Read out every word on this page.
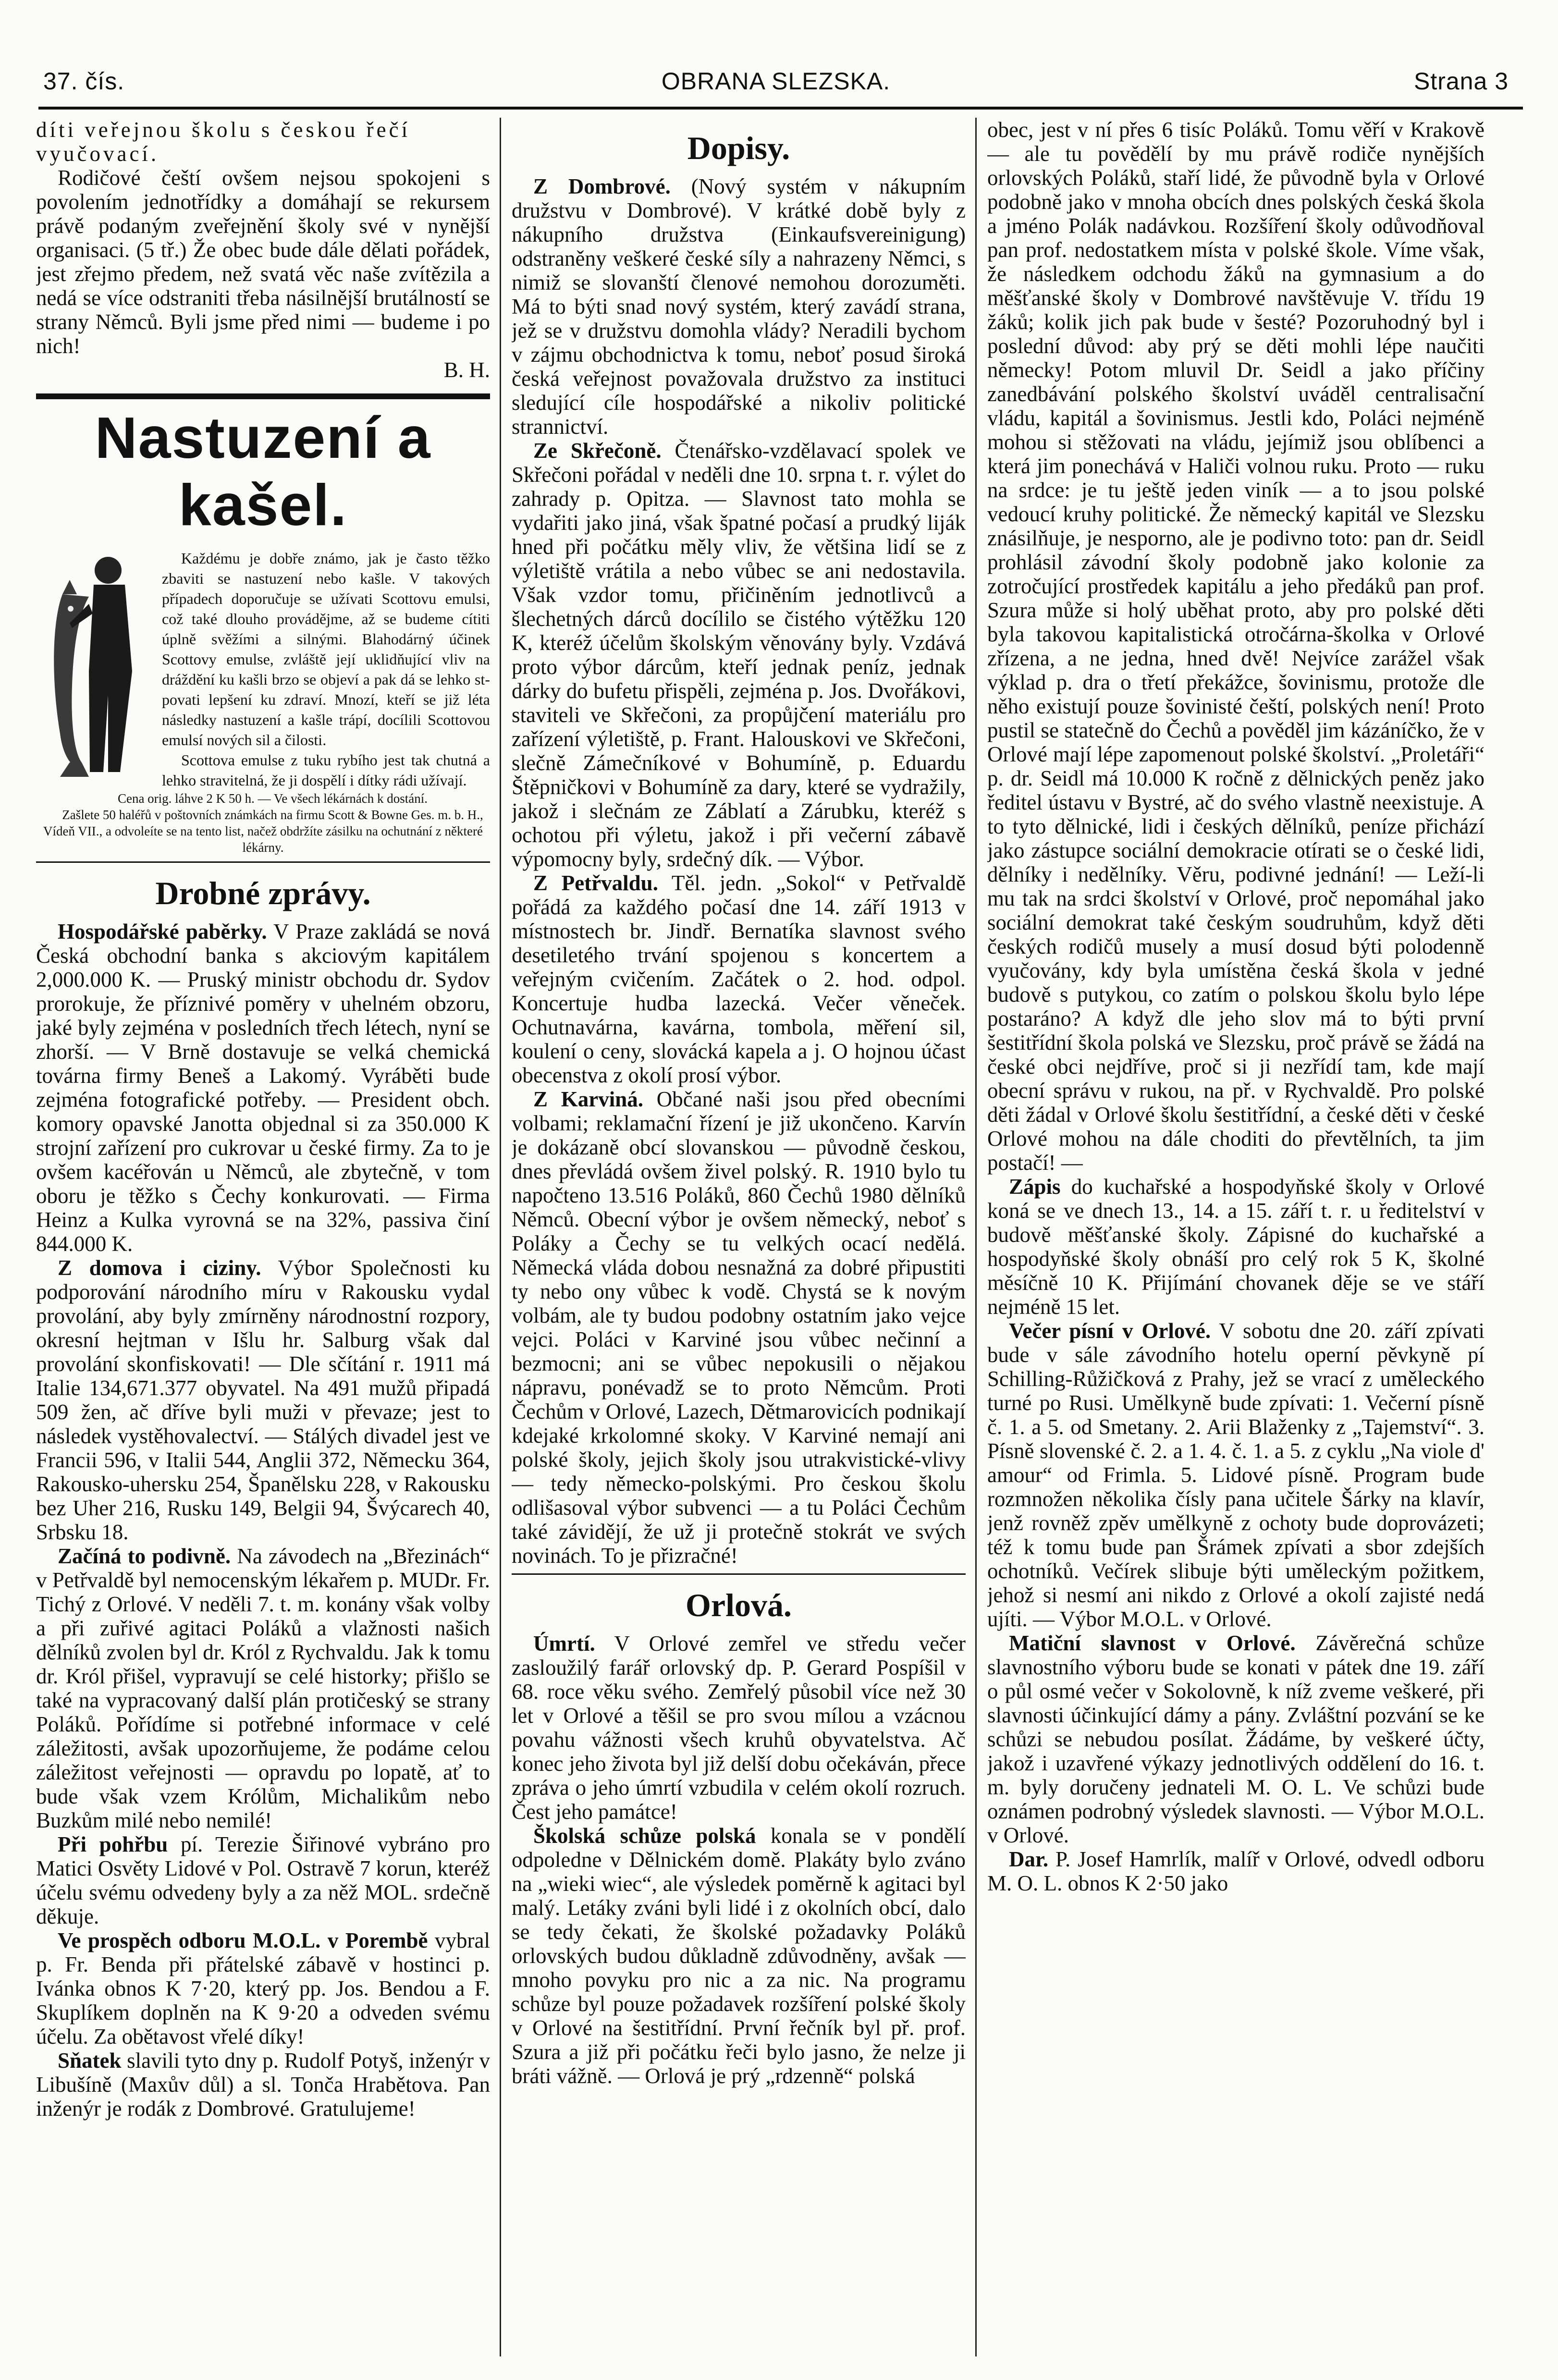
37. čís.	OBRANA SLEZSKA.	Strana 3

díti veřejnou školu s českou řečí

vyučovací.

Rodičové čeští ovšem nejsou spokojeni s povolením jednotřídky a domáhají se rekursem právě podaným zveřejnění školy své v nynější organisaci. (5 tř.) Že obec bude dále dělati pořádek, jest zřejmo předem, než svatá věc naše zvítězila a nedá se více odstraniti třeba násilnější brutálností se strany Němců. Byli jsme před nimi — budeme i po nich!

B. H.

Nastuzení a kašel.

Každému je dobře známo, jak je často těžko zbaviti se nastuzení nebo kašle. V takových případech doporučuje se užívati Scottovu emulsi, což také dlouho provádějme, až se budeme cítiti úplně svěžími a silnými. Blahodárný účinek Scottovy emulse, zvláště její uklidňující vliv na dráždění ku kašli brzo se objeví a pak dá se lehko st-povati lepšení ku zdraví. Mnozí, kteří se již léta následky nastuzení a kašle trápí, docílili Scottovou emulsí nových sil a čilosti.

Scottova emulse z tuku rybího jest tak chutná a lehko stravitelná, že ji dospělí i dítky rádi užívají.

Cena orig. láhve 2 K 50 h. — Ve všech lékárnách k dostání.

Zašlete 50 haléřů v poštovních známkách na firmu Scott & Bowne Ges. m. b. H., Vídeň VII., a odvoleíte se na tento list, načež obdržíte zásilku na ochutnání z některé lékárny.

Drobné zprávy.

Hospodářské paběrky. V Praze zakládá se nová Česká obchodní banka s akciovým kapitálem 2,000.000 K. — Pruský ministr obchodu dr. Sydov prorokuje, že příznivé poměry v uhelném obzoru, jaké byly zejména v posledních třech létech, nyní se zhorší. — V Brně dostavuje se velká chemická továrna firmy Beneš a Lakomý. Vyráběti bude zejména fotografické potřeby. — President obch. komory opavské Janotta objednal si za 350.000 K strojní zařízení pro cukrovar u české firmy. Za to je ovšem kacéřován u Němců, ale zbytečně, v tom oboru je těžko s Čechy konkurovati. — Firma Heinz a Kulka vyrovná se na 32%, passiva činí 844.000 K.

Z domova i ciziny. Výbor Společnosti ku podporování národního míru v Rakousku vydal provolání, aby byly zmírněny národnostní rozpory, okresní hejtman v Išlu hr. Salburg však dal provolání skonfiskovati! — Dle sčítání r. 1911 má Italie 134,671.377 obyvatel. Na 491 mužů připadá 509 žen, ač dříve byli muži v převaze; jest to následek vystěhovalectví. — Stálých divadel jest ve Francii 596, v Italii 544, Anglii 372, Německu 364, Rakousko-uhersku 254, Španělsku 228, v Rakousku bez Uher 216, Rusku 149, Belgii 94, Švýcarech 40, Srbsku 18.

Začíná to podivně. Na závodech na „Březinách“ v Petřvaldě byl nemocenským lékařem p. MUDr. Fr. Tichý z Orlové. V neděli 7. t. m. konány však volby a při zuřivé agitaci Poláků a vlažnosti našich dělníků zvolen byl dr. Król z Rychvaldu. Jak k tomu dr. Król přišel, vypravují se celé historky; přišlo se také na vypracovaný další plán protičeský se strany Poláků. Pořídíme si potřebné informace v celé záležitosti, avšak upozorňujeme, že podáme celou záležitost veřejnosti — opravdu po lopatě, ať to bude však vzem Królům, Michalikům nebo Buzkům milé nebo nemilé!

Při pohřbu pí. Terezie Šiřinové vybráno pro Matici Osvěty Lidové v Pol. Ostravě 7 korun, kteréž účelu svému odvedeny byly a za něž MOL. srdečně děkuje.

Ve prospěch odboru M.O.L. v Porembě vybral p. Fr. Benda při přátelské zábavě v hostinci p. Ivánka obnos K 7·20, který pp. Jos. Bendou a F. Skuplíkem doplněn na K 9·20 a odveden svému účelu. Za obětavost vřelé díky!

Sňatek slavili tyto dny p. Rudolf Potyš, inženýr v Libušíně (Maxův důl) a sl. Tonča Hrabětova. Pan inženýr je rodák z Dombrové. Gratulujeme!

Dopisy.

Z Dombrové. (Nový systém v nákupním družstvu v Dombrové). V krátké době byly z nákupního družstva (Einkaufsvereinigung) odstraněny veškeré české síly a nahrazeny Němci, s nimiž se slovanští členové nemohou dorozuměti. Má to býti snad nový systém, který zavádí strana, jež se v družstvu domohla vlády? Neradili bychom v zájmu obchodnictva k tomu, neboť posud široká česká veřejnost považovala družstvo za instituci sledující cíle hospodářské a nikoliv politické strannictví.

Ze Skřečoně. Čtenářsko-vzdělavací spolek ve Skřečoni pořádal v neděli dne 10. srpna t. r. výlet do zahrady p. Opitza. — Slavnost tato mohla se vydařiti jako jiná, však špatné počasí a prudký liják hned při počátku měly vliv, že většina lidí se z výletiště vrátila a nebo vůbec se ani nedostavila. Však vzdor tomu, přičiněním jednotlivců a šlechetných dárců docílilo se čistého výtěžku 120 K, kteréž účelům školským věnovány byly. Vzdává proto výbor dárcům, kteří jednak peníz, jednak dárky do bufetu přispěli, zejména p. Jos. Dvořákovi, staviteli ve Skřečoni, za propůjčení materiálu pro zařízení výletiště, p. Frant. Halouskovi ve Skřečoni, slečně Zámečníkové v Bohumíně, p. Eduardu Štěpničkovi v Bohumíně za dary, které se vydražily, jakož i slečnám ze Záblatí a Zárubku, kteréž s ochotou při výletu, jakož i při večerní zábavě výpomocny byly, srdečný dík. — Výbor.

Z Petřvaldu. Těl. jedn. „Sokol“ v Petřvaldě pořádá za každého počasí dne 14. září 1913 v místnostech br. Jindř. Bernatíka slavnost svého desetiletého trvání spojenou s koncertem a veřejným cvičením. Začátek o 2. hod. odpol. Koncertuje hudba lazecká. Večer věneček. Ochutnavárna, kavárna, tombola, měření sil, koulení o ceny, slovácká kapela a j. O hojnou účast obecenstva z okolí prosí výbor.

Z Karviná. Občané naši jsou před obecními volbami; reklamační řízení je již ukončeno. Karvín je dokázaně obcí slovanskou — původně českou, dnes převládá ovšem živel polský. R. 1910 bylo tu napočteno 13.516 Poláků, 860 Čechů 1980 dělníků Němců. Obecní výbor je ovšem německý, neboť s Poláky a Čechy se tu velkých ocací nedělá. Německá vláda dobou nesnažná za dobré připustiti ty nebo ony vůbec k vodě. Chystá se k novým volbám, ale ty budou podobny ostatním jako vejce vejci. Poláci v Karviné jsou vůbec nečinní a bezmocni; ani se vůbec nepokusili o nějakou nápravu, ponévadž se to proto Němcům. Proti Čechům v Orlové, Lazech, Dětmarovicích podnikají kdejaké krkolomné skoky. V Karviné nemají ani polské školy, jejich školy jsou utrakvistické-vlivy — tedy německo-polskými. Pro českou školu odlišasoval výbor subvenci — a tu Poláci Čechům také závidějí, že už ji protečně stokrát ve svých novinách. To je přizračné!

Orlová.

Úmrtí. V Orlové zemřel ve středu večer zasloužilý farář orlovský dp. P. Gerard Pospíšil v 68. roce věku svého. Zemřelý působil více než 30 let v Orlové a těšil se pro svou mílou a vzácnou povahu vážnosti všech kruhů obyvatelstva. Ač konec jeho života byl již delší dobu očekáván, přece zpráva o jeho úmrtí vzbudila v celém okolí rozruch. Čest jeho památce!

Školská schůze polská konala se v pondělí odpoledne v Dělnickém domě. Plakáty bylo zváno na „wieki wiec“, ale výsledek poměrně k agitaci byl malý. Letáky zváni byli lidé i z okolních obcí, dalo se tedy čekati, že školské požadavky Poláků orlovských budou důkladně zdůvodněny, avšak — mnoho povyku pro nic a za nic. Na programu schůze byl pouze požadavek rozšíření polské školy v Orlové na šestitřídní. První řečník byl př. prof. Szura a již při počátku řeči bylo jasno, že nelze ji bráti vážně. — Orlová je prý „rdzenně“ polská

obec, jest v ní přes 6 tisíc Poláků. Tomu věří v Krakově — ale tu povědělí by mu právě rodiče nynějších orlovských Poláků, staří lidé, že původně byla v Orlové podobně jako v mnoha obcích dnes polských česká škola a jméno Polák nadávkou. Rozšíření školy odůvodňoval pan prof. nedostatkem místa v polské škole. Víme však, že následkem odchodu žáků na gymnasium a do měšťanské školy v Dombrové navštěvuje V. třídu 19 žáků; kolik jich pak bude v šesté? Pozoruhodný byl i poslední důvod: aby prý se děti mohli lépe naučiti německy! Potom mluvil Dr. Seidl a jako příčiny zanedbávání polského školství uváděl centralisační vládu, kapitál a šovinismus. Jestli kdo, Poláci nejméně mohou si stěžovati na vládu, jejímiž jsou oblíbenci a která jim ponechává v Haliči volnou ruku. Proto — ruku na srdce: je tu ještě jeden viník — a to jsou polské vedoucí kruhy politické. Že německý kapitál ve Slezsku znásilňuje, je nesporno, ale je podivno toto: pan dr. Seidl prohlásil závodní školy podobně jako kolonie za zotročující prostředek kapitálu a jeho předáků pan prof. Szura může si holý uběhat proto, aby pro polské děti byla takovou kapitalistická otročárna-školka v Orlové zřízena, a ne jedna, hned dvě! Nejvíce zarážel však výklad p. dra o třetí překážce, šovinismu, protože dle něho existují pouze šovinisté čeští, polských není! Proto pustil se statečně do Čechů a pověděl jim kázáníčko, že v Orlové mají lépe zapomenout polské školství. „Proletáři“ p. dr. Seidl má 10.000 K ročně z dělnických peněz jako ředitel ústavu v Bystré, ač do svého vlastně neexistuje. A to tyto dělnické, lidi i českých dělníků, peníze přichází jako zástupce sociální demokracie otírati se o české lidi, dělníky i nedělníky. Věru, podivné jednání! — Leží-li mu tak na srdci školství v Orlové, proč nepomáhal jako sociální demokrat také českým soudruhům, když děti českých rodičů musely a musí dosud býti polodenně vyučovány, kdy byla umístěna česká škola v jedné budově s putykou, co zatím o polskou školu bylo lépe postaráno? A když dle jeho slov má to býti první šestitřídní škola polská ve Slezsku, proč právě se žádá na české obci nejdříve, proč si ji nezřídí tam, kde mají obecní správu v rukou, na př. v Rychvaldě. Pro polské děti žádal v Orlové školu šestitřídní, a české děti v české Orlové mohou na dále choditi do převtělních, ta jim postačí! —

Zápis do kuchařské a hospodyňské školy v Orlové koná se ve dnech 13., 14. a 15. září t. r. u ředitelství v budově měšťanské školy. Zápisné do kuchařské a hospodyňské školy obnáší pro celý rok 5 K, školné měsíčně 10 K. Přijímání chovanek děje se ve stáří nejméně 15 let.

Večer písní v Orlové. V sobotu dne 20. září zpívati bude v sále závodního hotelu operní pěvkyně pí Schilling-Růžičková z Prahy, jež se vrací z uměleckého turné po Rusi. Umělkyně bude zpívati: 1. Večerní písně č. 1. a 5. od Smetany. 2. Arii Blaženky z „Tajemství“. 3. Písně slovenské č. 2. a 1. 4. č. 1. a 5. z cyklu „Na viole d' amour“ od Frimla. 5. Lidové písně. Program bude rozmnožen několika čísly pana učitele Šárky na klavír, jenž rovněž zpěv umělkyně z ochoty bude doprovázeti; též k tomu bude pan Šrámek zpívati a sbor zdejších ochotníků. Večírek slibuje býti uměleckým požitkem, jehož si nesmí ani nikdo z Orlové a okolí zajisté nedá ujíti. — Výbor M.O.L. v Orlové.

Matiční slavnost v Orlové. Závěrečná schůze slavnostního výboru bude se konati v pátek dne 19. září o půl osmé večer v Sokolovně, k níž zveme veškeré, při slavnosti účinkující dámy a pány. Zvláštní pozvání se ke schůzi se nebudou posílat. Žádáme, by veškeré účty, jakož i uzavřené výkazy jednotlivých oddělení do 16. t. m. byly doručeny jednateli M. O. L. Ve schůzi bude oznámen podrobný výsledek slavnosti. — Výbor M.O.L. v Orlové.

Dar. P. Josef Hamrlík, malíř v Orlové, odvedl odboru M. O. L. obnos K 2·50 jako
